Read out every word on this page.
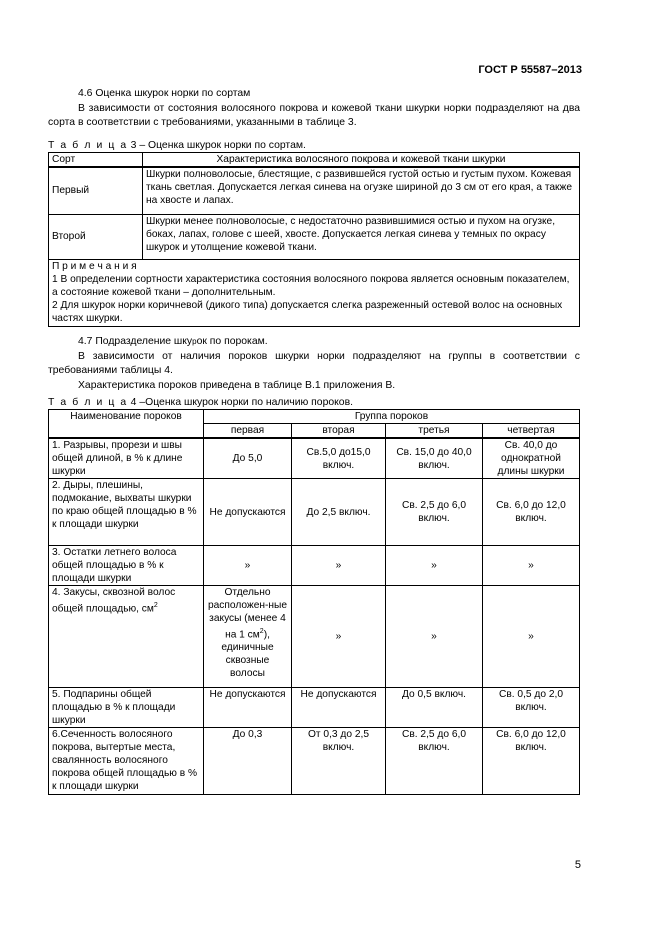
ГОСТ Р 55587–2013

4.6 Оценка шкурок норки по сортам

В зависимости от состояния волосяного покрова и кожевой ткани шкурки норки подразделяют на два сорта в соответствии с требованиями, указанными в таблице 3.

Т а б л и ц а 3 – Оценка шкурок норки по сортам.

Сорт	Характеристика волосяного покрова и кожевой ткани шкурки
Первый	Шкурки полноволосые, блестящие, с развившейся густой остью и густым пухом. Кожевая ткань светлая. Допускается легкая синева на огузке шириной до 3 см от его края, а также на хвосте и лапах.
Второй	Шкурки менее полноволосые, с недостаточно развившимися остью и пухом на огузке, боках, лапах, голове с шеей, хвосте. Допускается легкая синева у темных по окрасу шкурок и утолщение кожевой ткани.

П р и м е ч а н и я
1 В определении сортности характеристика состояния волосяного покрова является основным показателем, а состояние кожевой ткани – дополнительным.
2 Для шкурок норки коричневой (дикого типа) допускается слегка разреженный остевой волос на основных частях шкурки.	

4.7 Подразделение шкурок по порокам.

В зависимости от наличия пороков шкурки норки подразделяют на группы в соответствии с требованиями таблицы 4.

Характеристика пороков приведена в таблице В.1 приложения В.

Т а б л и ц а 4 –Оценка шкурок норки по наличию пороков.

Наименование пороков	Группа пороков			
	первая	вторая	третья	четвертая
1. Разрывы, прорези и швы общей длиной, в % к длине шкурки	До 5,0	Св.5,0 до15,0 включ.	Св. 15,0 до 40,0 включ.	Св. 40,0 до однократной длины шкурки
2. Дыры, плешины, подмокание, выхваты шкурки по краю общей площадью в % к площади шкурки	Не допускаются	До 2,5 включ.	Св. 2,5 до 6,0 включ.	Св. 6,0 до 12,0 включ.
3. Остатки летнего волоса общей площадью в % к площади шкурки	»	»	»	»
4. Закусы, сквозной волос общей площадью, $см^2$	Отдельно расположен-ные закусы (менее 4 на 1 $см^2$), единичные сквозные волосы	»	»	»
5. Подпарины общей площадью в % к площади шкурки	Не допускаются	Не допускаются	До 0,5 включ.	Св. 0,5 до 2,0 включ.
6.Сеченность волосяного покрова, вытертые места, свалянность волосяного покрова общей площадью в % к площади шкурки	До 0,3	От 0,3 до 2,5 включ.	Св. 2,5 до 6,0 включ.	Св. 6,0 до 12,0 включ.
5
